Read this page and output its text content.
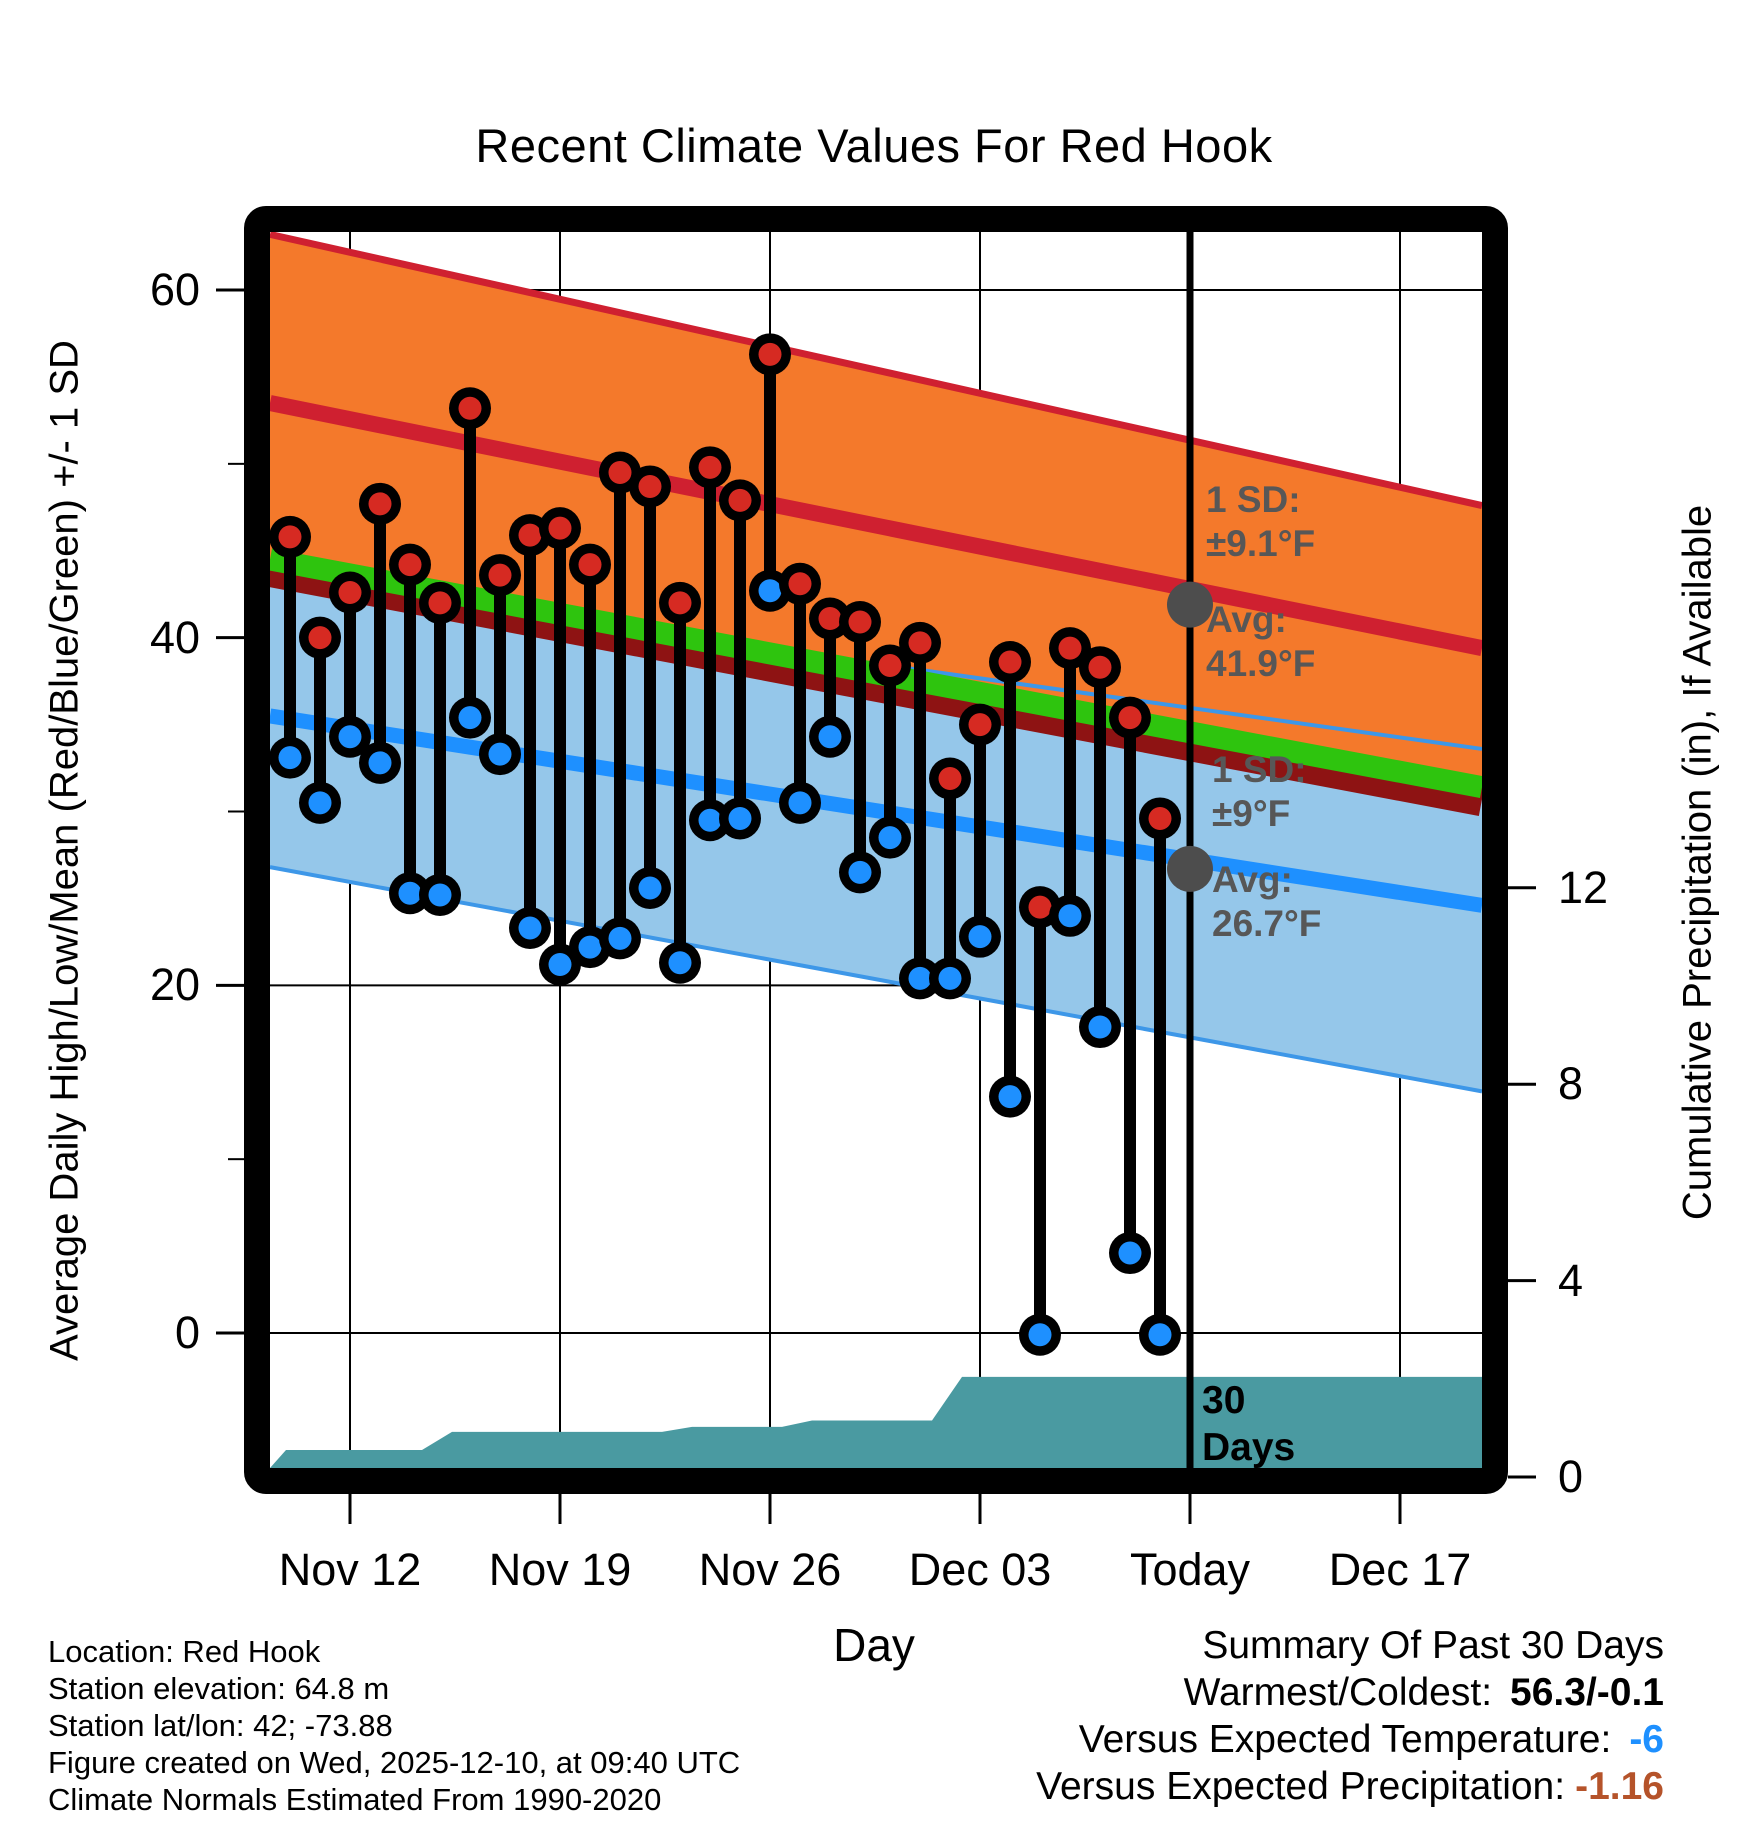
Recent Climate Values For Red Hook
Average Daily High/Low/Mean (Red/Blue/Green) +/- 1 SD	Cumulative Precipitation (in), If Available
Day
1 SD:
±9.1°F
Avg:
41.9°F
1 SD:
±9°F
Avg:
26.7°F
30
Days
Location: Red Hook
Station elevation: 64.8 m
Station lat/lon: 42; -73.88
Figure created on Wed, 2025-12-10, at 09:40 UTC
Climate Normals Estimated From 1990-2020
Summary Of Past 30 Days
Warmest/Coldest: 56.3/-0.1
Versus Expected Temperature: -6
Versus Expected Precipitation: -1.16
60
40
20
0
12
8
4
0
Nov 12 Nov 19 Nov 26 Dec 03 Today Dec 17
